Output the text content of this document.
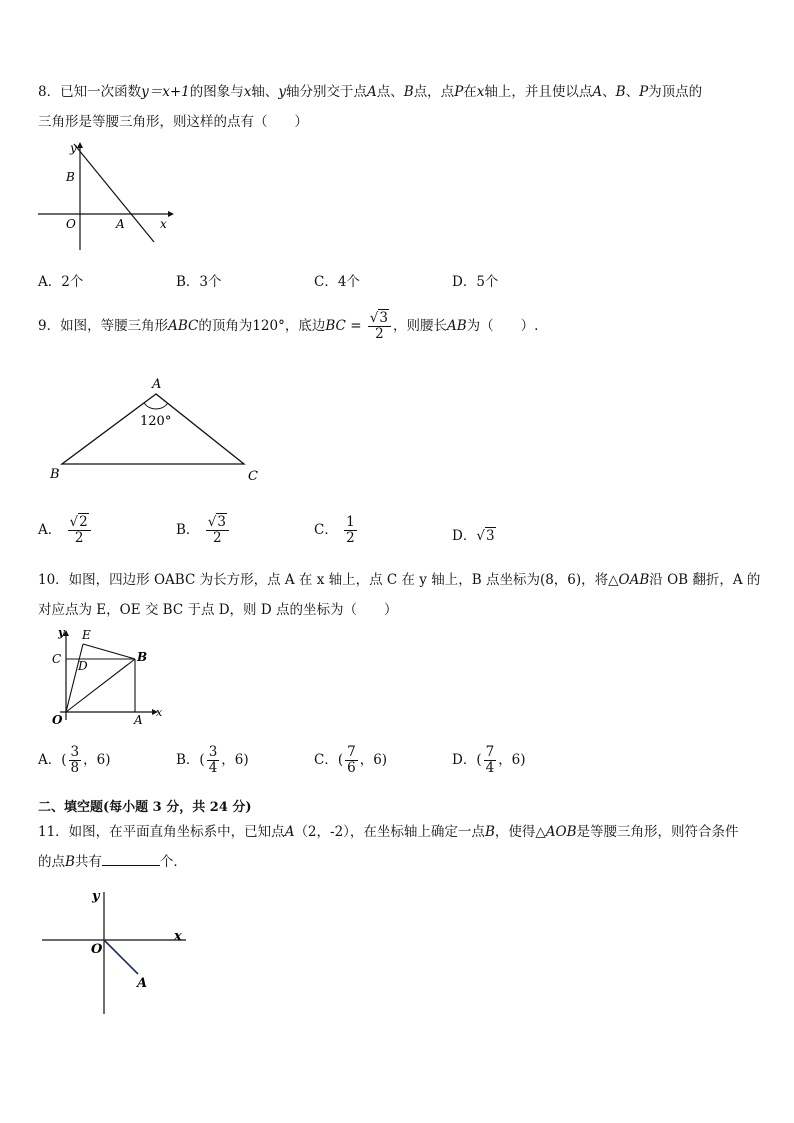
8．已知一次函数y＝x+1的图象与x轴、y轴分别交于点A点、B点，点P在x轴上，并且使以点A、B、P为顶点的
三角形是等腰三角形，则这样的点有（　　）
y
B
O	A	x
A．2个	B．3个	C．4个	D．5个
9．如图，等腰三角形ABC的顶角为120°，底边BC = $\frac{√3}{2}$ ，则腰长AB为（　　）.
A
120°
B	C
A． $\frac{√2}{2}$	B． $\frac{√3}{2}$	C． $\frac{1}{2}$	D．√3
10．如图，四边形 OABC 为长方形，点 A 在 x 轴上，点 C 在 y 轴上，B 点坐标为(8，6)，将△OAB沿 OB 翻折，A 的
对应点为 E，OE 交 BC 于点 D，则 D 点的坐标为（　　）
y E
C D
B
O	A
x
A．( $\frac{3}{8}$ ，6)	B．( $\frac{3}{4}$ ，6)	C．( $\frac{7}{6}$ ，6)	D．( $\frac{7}{4}$ ，6)
二、填空题(每小题 3 分，共 24 分)
11．如图，在平面直角坐标系中，已知点A（2，-2），在坐标轴上确定一点B，使得△AOB是等腰三角形，则符合条件
的点B共有	个．
y
x
O
A
